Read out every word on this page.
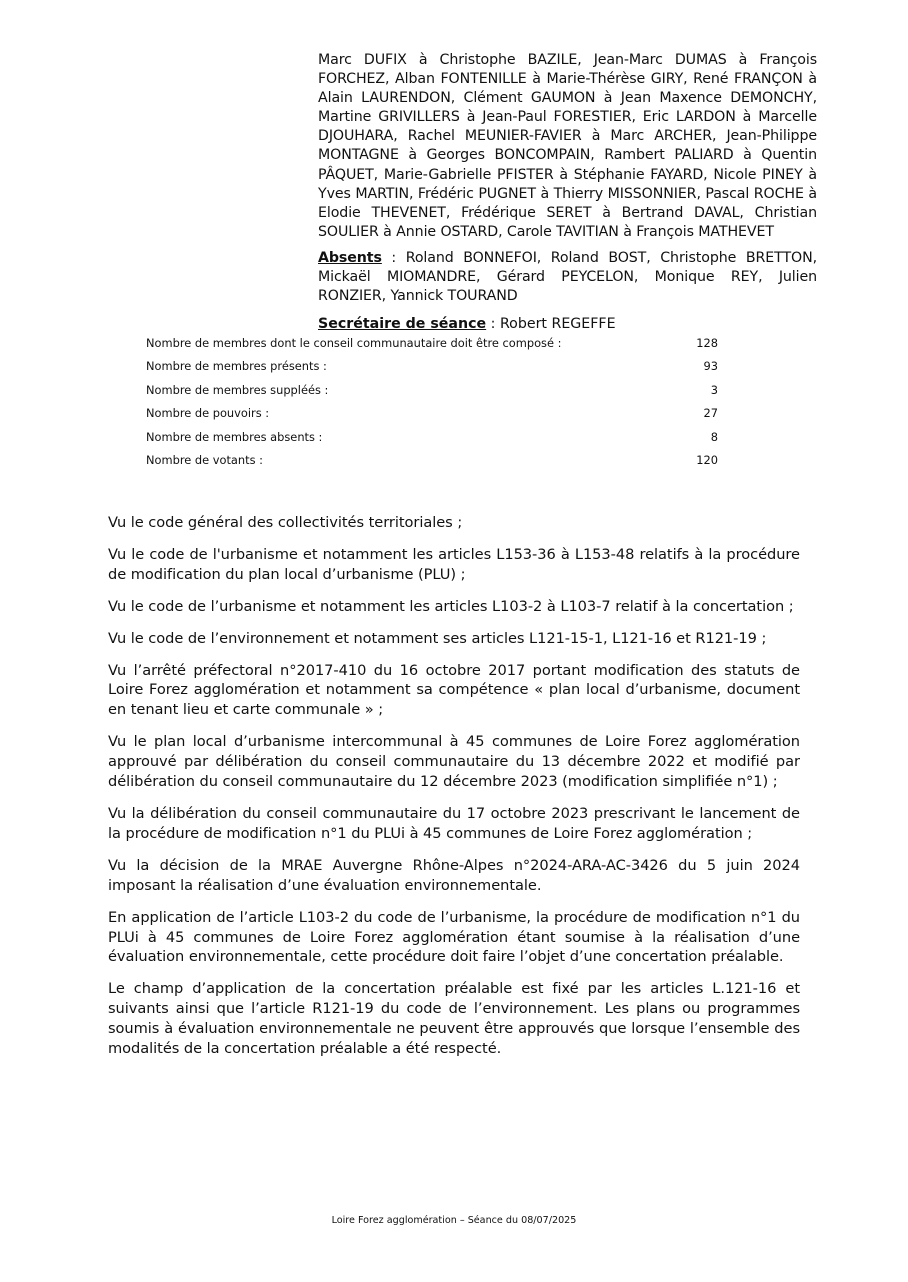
Marc DUFIX à Christophe BAZILE, Jean-Marc DUMAS à François FORCHEZ, Alban FONTENILLE à Marie-Thérèse GIRY, René FRANÇON à Alain LAURENDON, Clément GAUMON à Jean Maxence DEMONCHY, Martine GRIVILLERS à Jean-Paul FORESTIER, Eric LARDON à Marcelle DJOUHARA, Rachel MEUNIER-FAVIER à Marc ARCHER, Jean-Philippe MONTAGNE à Georges BONCOMPAIN, Rambert PALIARD à Quentin PÂQUET, Marie-Gabrielle PFISTER à Stéphanie FAYARD, Nicole PINEY à Yves MARTIN, Frédéric PUGNET à Thierry MISSONNIER, Pascal ROCHE à Elodie THEVENET, Frédérique SERET à Bertrand DAVAL, Christian SOULIER à Annie OSTARD, Carole TAVITIAN à François MATHEVET
Absents : Roland BONNEFOI, Roland BOST, Christophe BRETTON, Mickaël MIOMANDRE, Gérard PEYCELON, Monique REY, Julien RONZIER, Yannick TOURAND
Secrétaire de séance : Robert REGEFFE
Nombre de membres dont le conseil communautaire doit être composé :	128
Nombre de membres présents :	93
Nombre de membres suppléés :	3
Nombre de pouvoirs :	27
Nombre de membres absents :	8
Nombre de votants :	120

Vu le code général des collectivités territoriales ;

Vu le code de l'urbanisme et notamment les articles L153-36 à L153-48 relatifs à la procédure de modification du plan local d’urbanisme (PLU) ;

Vu le code de l’urbanisme et notamment les articles L103-2 à L103-7 relatif à la concertation ;

Vu le code de l’environnement et notamment ses articles L121-15-1, L121-16 et R121-19 ;

Vu l’arrêté préfectoral n°2017-410 du 16 octobre 2017 portant modification des statuts de Loire Forez agglomération et notamment sa compétence « plan local d’urbanisme, document en tenant lieu et carte communale » ;

Vu le plan local d’urbanisme intercommunal à 45 communes de Loire Forez agglomération approuvé par délibération du conseil communautaire du 13 décembre 2022 et modifié par délibération du conseil communautaire du 12 décembre 2023 (modification simplifiée n°1) ;

Vu la délibération du conseil communautaire du 17 octobre 2023 prescrivant le lancement de la procédure de modification n°1 du PLUi à 45 communes de Loire Forez agglomération ;

Vu la décision de la MRAE Auvergne Rhône-Alpes n°2024-ARA-AC-3426 du 5 juin 2024 imposant la réalisation d’une évaluation environnementale.

En application de l’article L103-2 du code de l’urbanisme, la procédure de modification n°1 du PLUi à 45 communes de Loire Forez agglomération étant soumise à la réalisation d’une évaluation environnementale, cette procédure doit faire l’objet d’une concertation préalable.

Le champ d’application de la concertation préalable est fixé par les articles L.121-16 et suivants ainsi que l’article R121-19 du code de l’environnement. Les plans ou programmes soumis à évaluation environnementale ne peuvent être approuvés que lorsque l’ensemble des modalités de la concertation préalable a été respecté.

Loire Forez agglomération – Séance du 08/07/2025
